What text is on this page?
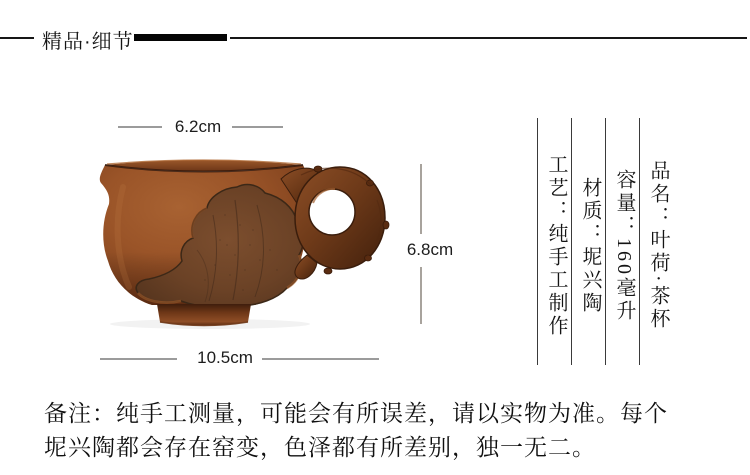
精品·细节
6.2cm
6.8cm
10.5cm
工艺：纯手工制作 材质：坭兴陶 容量：160毫升 品名：叶荷·茶杯
备注：纯手工测量，可能会有所误差，请以实物为准。每个
坭兴陶都会存在窑变，色泽都有所差别，独一无二。
